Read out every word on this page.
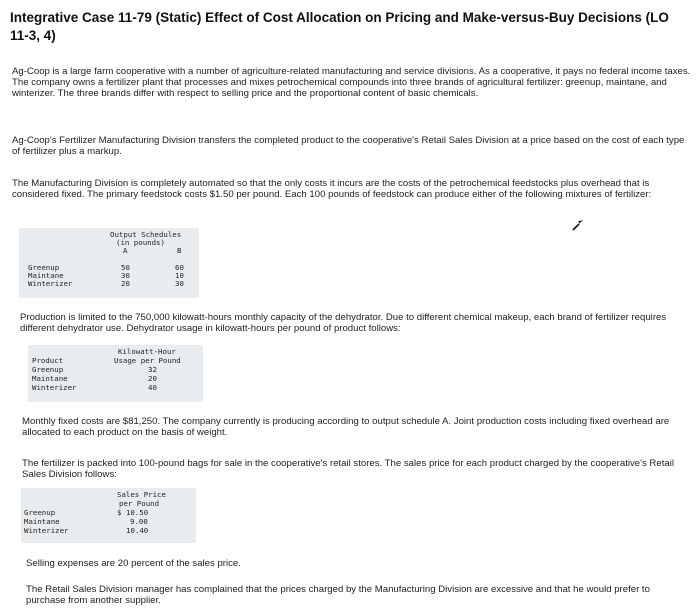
Integrative Case 11-79 (Static) Effect of Cost Allocation on Pricing and Make-versus-Buy Decisions (LO 11-3, 4)

Ag-Coop is a large farm cooperative with a number of agriculture-related manufacturing and service divisions. As a cooperative, it pays no federal income taxes. The company owns a fertilizer plant that processes and mixes petrochemical compounds into three brands of agricultural fertilizer: greenup, maintane, and winterizer. The three brands differ with respect to selling price and the proportional content of basic chemicals.

Ag-Coop's Fertilizer Manufacturing Division transfers the completed product to the cooperative's Retail Sales Division at a price based on the cost of each type of fertilizer plus a markup.

The Manufacturing Division is completely automated so that the only costs it incurs are the costs of the petrochemical feedstocks plus overhead that is considered fixed. The primary feedstock costs $1.50 per pound. Each 100 pounds of feedstock can produce either of the following mixtures of fertilizer:

Output Schedules
(in pounds)
A	B
Greenup	50	60
Maintane	30	10
Winterizer	20	30

Production is limited to the 750,000 kilowatt-hours monthly capacity of the dehydrator. Due to different chemical makeup, each brand of fertilizer requires different dehydrator use. Dehydrator usage in kilowatt-hours per pound of product follows:

Kilowatt-Hour
Product	Usage per Pound
Greenup	32
Maintane	20
Winterizer	40

Monthly fixed costs are $81,250. The company currently is producing according to output schedule A. Joint production costs including fixed overhead are allocated to each product on the basis of weight.

The fertilizer is packed into 100-pound bags for sale in the cooperative's retail stores. The sales price for each product charged by the cooperative's Retail Sales Division follows:

Sales Price
per Pound
Greenup	$ 10.50
Maintane	9.00
Winterizer	10.40

Selling expenses are 20 percent of the sales price.

The Retail Sales Division manager has complained that the prices charged by the Manufacturing Division are excessive and that he would prefer to purchase from another supplier.
